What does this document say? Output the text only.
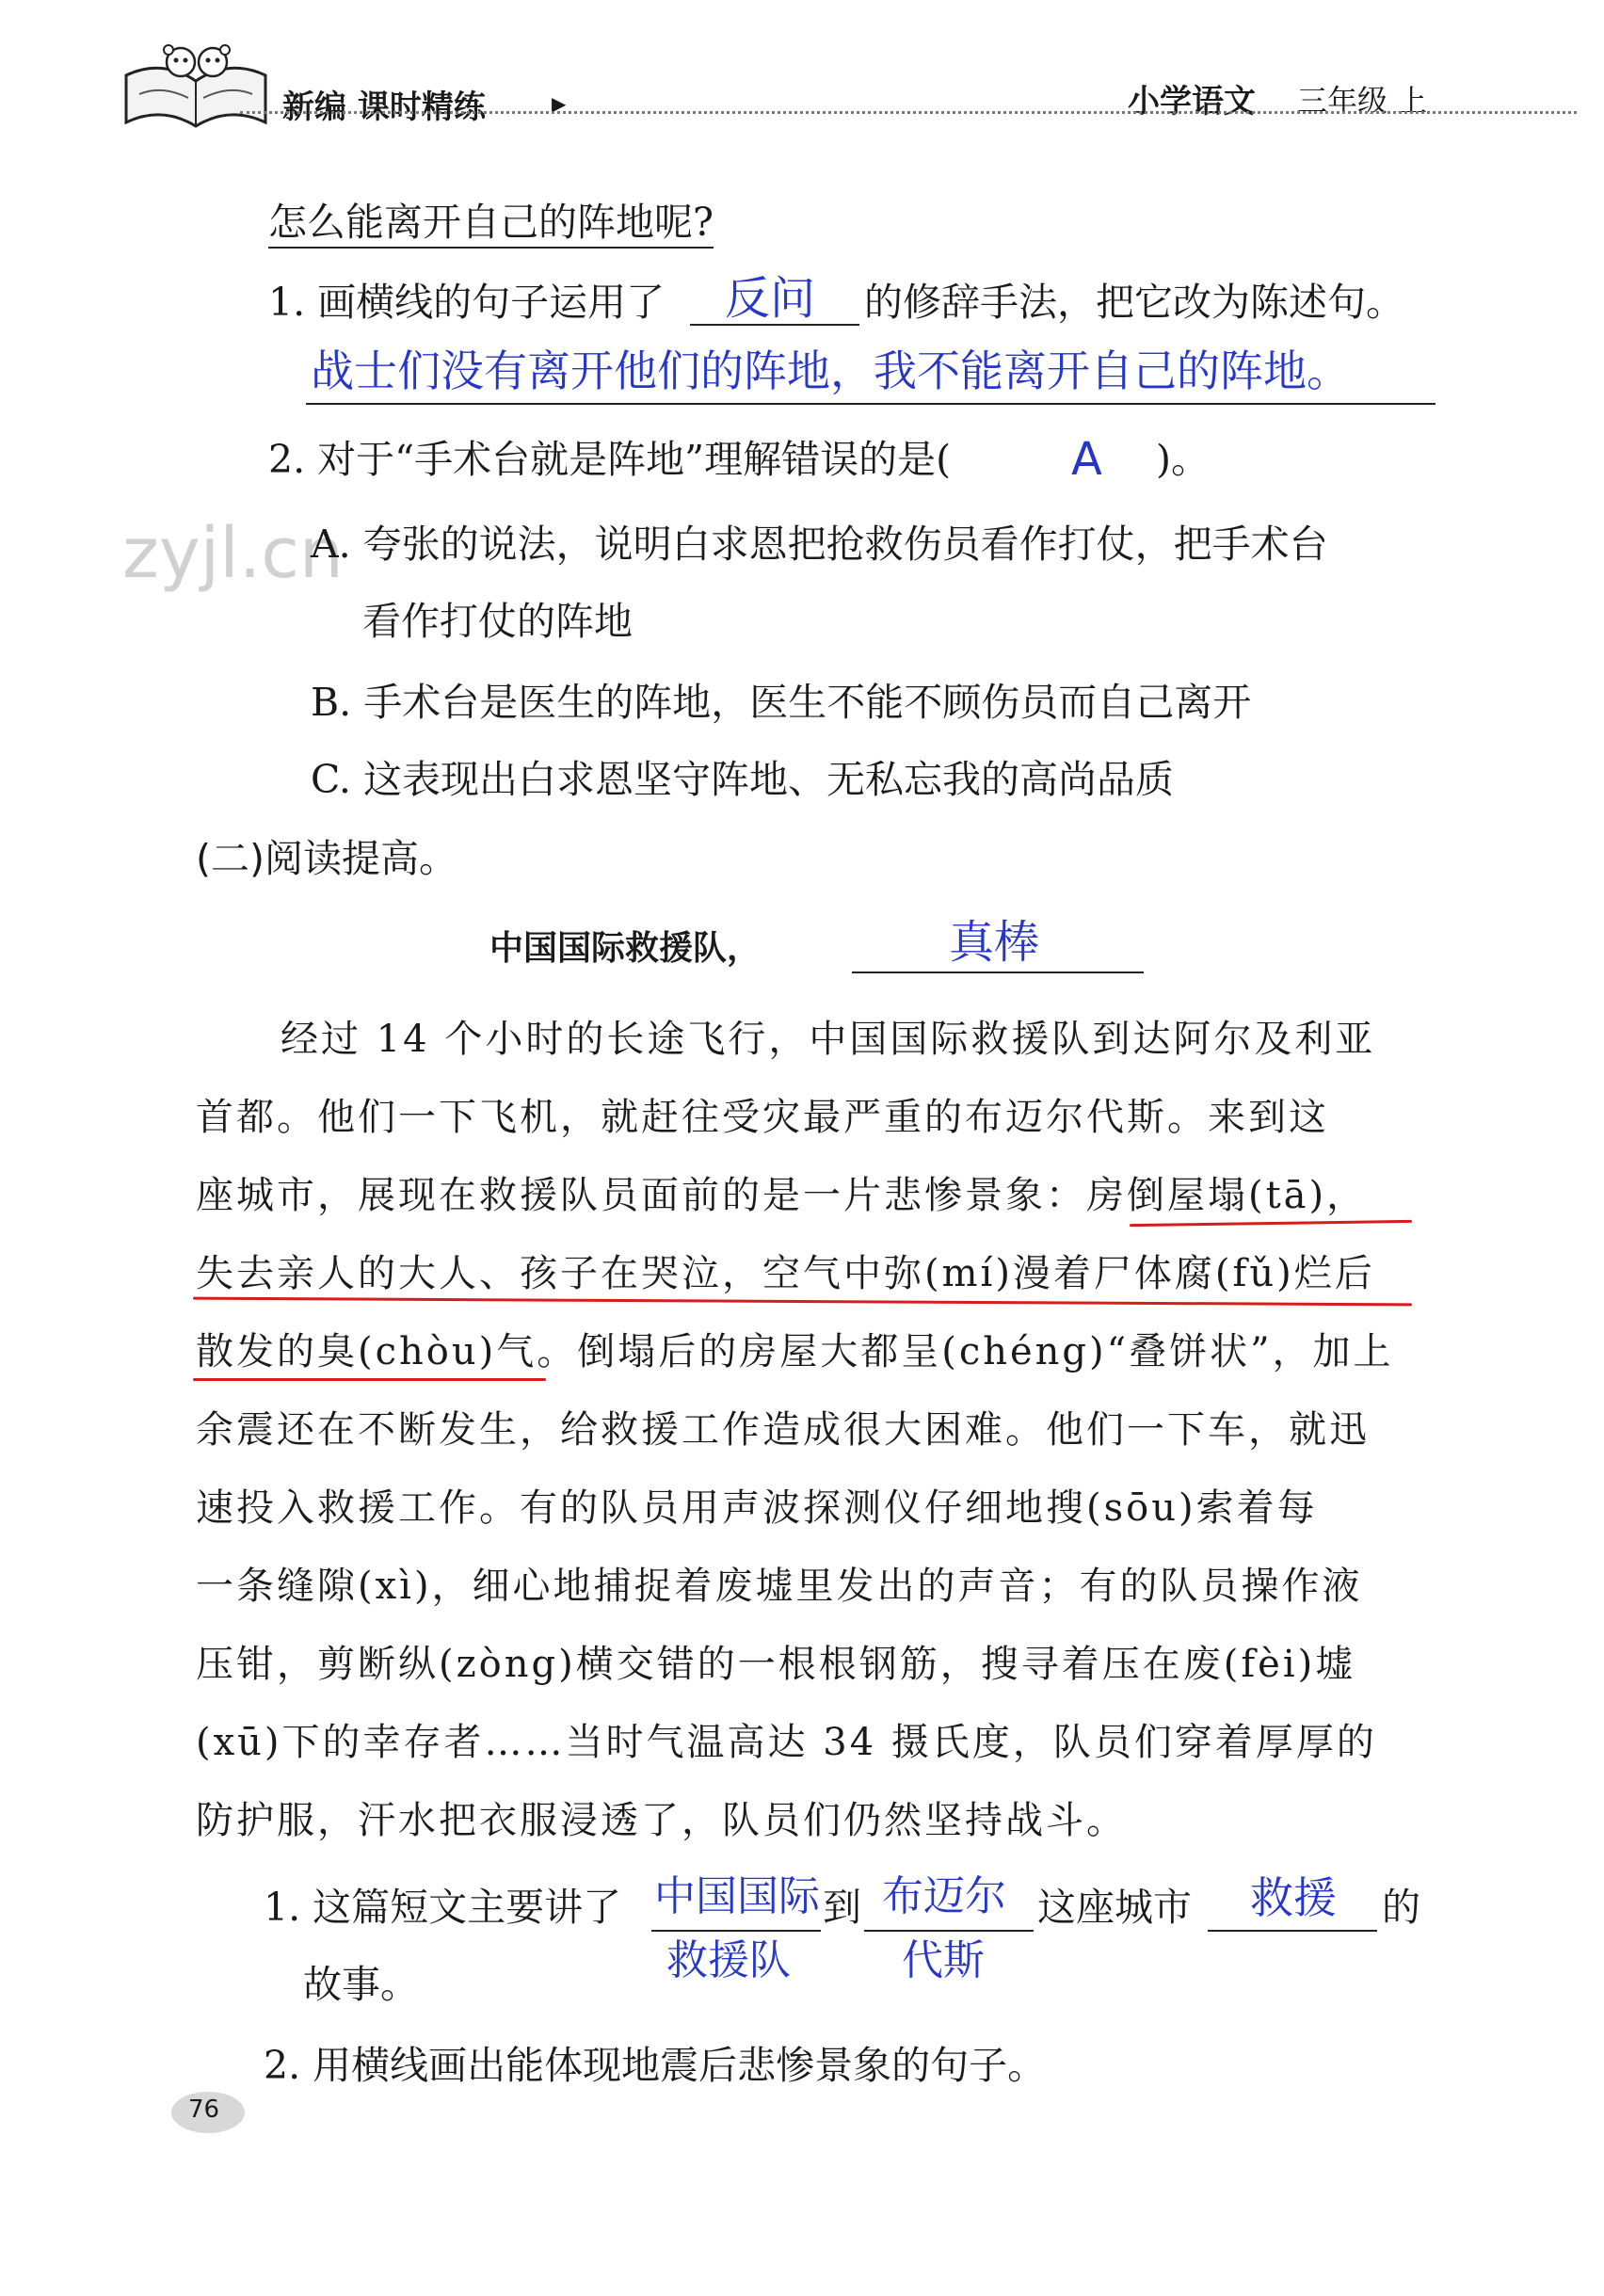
新编 课时精练	▶	小学语文 三年级 上
zyjl.cn
怎么能离开自己的阵地呢?
1. 画横线的句子运用了 反问 的修辞手法，把它改为陈述句。
战士们没有离开他们的阵地，我不能离开自己的阵地。
2. 对于“手术台就是阵地”理解错误的是(	A )。
A. 夸张的说法，说明白求恩把抢救伤员看作打仗，把手术台
看作打仗的阵地
B. 手术台是医生的阵地，医生不能不顾伤员而自己离开
C. 这表现出白求恩坚守阵地、无私忘我的高尚品质
(二)阅读提高。
中国国际救援队，	真棒
经过 14 个小时的长途飞行，中国国际救援队到达阿尔及利亚
首都。他们一下飞机，就赶往受灾最严重的布迈尔代斯。来到这
座城市，展现在救援队员面前的是一片悲惨景象：房倒屋塌(tā)，
失去亲人的大人、孩子在哭泣，空气中弥(mí)漫着尸体腐(fǔ)烂后
散发的臭(chòu)气。倒塌后的房屋大都呈(chéng)“叠饼状”，加上
余震还在不断发生，给救援工作造成很大困难。他们一下车，就迅
速投入救援工作。有的队员用声波探测仪仔细地搜(sōu)索着每
一条缝隙(xì)，细心地捕捉着废墟里发出的声音；有的队员操作液
压钳，剪断纵(zòng)横交错的一根根钢筋，搜寻着压在废(fèi)墟
(xū)下的幸存者……当时气温高达 34 摄氏度，队员们穿着厚厚的
防护服，汗水把衣服浸透了，队员们仍然坚持战斗。
1. 这篇短文主要讲了 中国国际
救援队
到 布迈尔
代斯
这座城市 救援 的
故事。
2. 用横线画出能体现地震后悲惨景象的句子。
76
